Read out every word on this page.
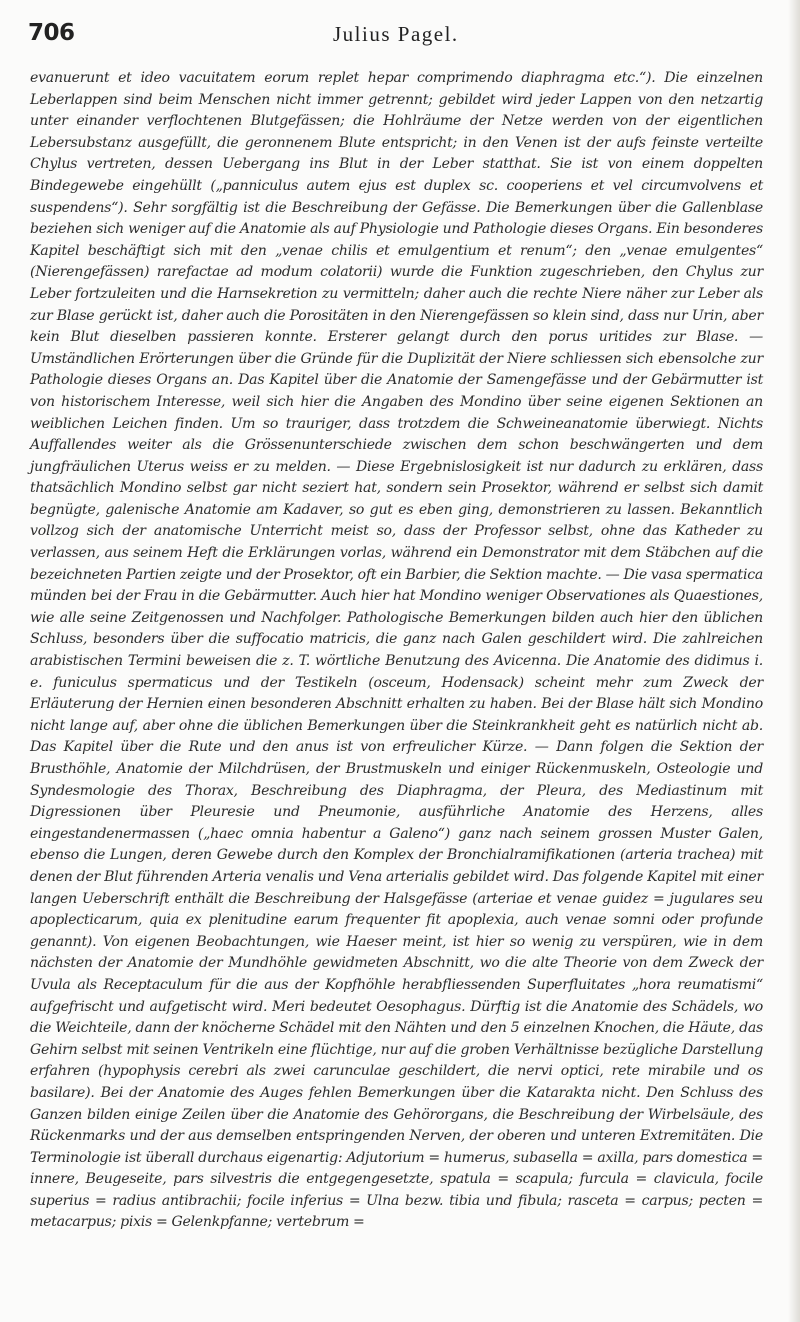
706	Julius Pagel.

evanuerunt et ideo vacuitatem eorum replet hepar comprimendo diaphragma etc.“). Die einzelnen Leberlappen sind beim Menschen nicht immer getrennt; gebildet wird jeder Lappen von den netzartig unter einander verflochtenen Blutgefässen; die Hohlräume der Netze werden von der eigentlichen Lebersubstanz ausgefüllt, die geronnenem Blute entspricht; in den Venen ist der aufs feinste verteilte Chylus vertreten, dessen Uebergang ins Blut in der Leber statthat. Sie ist von einem doppelten Bindegewebe eingehüllt („panniculus autem ejus est duplex sc. cooperiens et vel circumvolvens et suspendens“). Sehr sorgfältig ist die Beschreibung der Gefässe. Die Bemerkungen über die Gallenblase beziehen sich weniger auf die Anatomie als auf Physiologie und Pathologie dieses Organs. Ein besonderes Kapitel beschäftigt sich mit den „venae chilis et emulgentium et renum“; den „venae emulgentes“ (Nierengefässen) rarefactae ad modum colatorii) wurde die Funktion zugeschrieben, den Chylus zur Leber fortzuleiten und die Harnsekretion zu vermitteln; daher auch die rechte Niere näher zur Leber als zur Blase gerückt ist, daher auch die Porositäten in den Nierengefässen so klein sind, dass nur Urin, aber kein Blut dieselben passieren konnte. Ersterer gelangt durch den porus uritides zur Blase. — Umständlichen Erörterungen über die Gründe für die Duplizität der Niere schliessen sich ebensolche zur Pathologie dieses Organs an. Das Kapitel über die Anatomie der Samengefässe und der Gebärmutter ist von historischem Interesse, weil sich hier die Angaben des Mondino über seine eigenen Sektionen an weiblichen Leichen finden. Um so trauriger, dass trotzdem die Schweineanatomie überwiegt. Nichts Auffallendes weiter als die Grössenunterschiede zwischen dem schon beschwängerten und dem jungfräulichen Uterus weiss er zu melden. — Diese Ergebnislosigkeit ist nur dadurch zu erklären, dass thatsächlich Mondino selbst gar nicht seziert hat, sondern sein Prosektor, während er selbst sich damit begnügte, galenische Anatomie am Kadaver, so gut es eben ging, demonstrieren zu lassen. Bekanntlich vollzog sich der anatomische Unterricht meist so, dass der Professor selbst, ohne das Katheder zu verlassen, aus seinem Heft die Erklärungen vorlas, während ein Demonstrator mit dem Stäbchen auf die bezeichneten Partien zeigte und der Prosektor, oft ein Barbier, die Sektion machte. — Die vasa spermatica münden bei der Frau in die Gebärmutter. Auch hier hat Mondino weniger Observationes als Quaestiones, wie alle seine Zeitgenossen und Nachfolger. Pathologische Bemerkungen bilden auch hier den üblichen Schluss, besonders über die suffocatio matricis, die ganz nach Galen geschildert wird. Die zahlreichen arabistischen Termini beweisen die z. T. wörtliche Benutzung des Avicenna. Die Anatomie des didimus i. e. funiculus spermaticus und der Testikeln (osceum, Hodensack) scheint mehr zum Zweck der Erläuterung der Hernien einen besonderen Abschnitt erhalten zu haben. Bei der Blase hält sich Mondino nicht lange auf, aber ohne die üblichen Bemerkungen über die Steinkrankheit geht es natürlich nicht ab. Das Kapitel über die Rute und den anus ist von erfreulicher Kürze. — Dann folgen die Sektion der Brusthöhle, Anatomie der Milchdrüsen, der Brustmuskeln und einiger Rückenmuskeln, Osteologie und Syndesmologie des Thorax, Beschreibung des Diaphragma, der Pleura, des Mediastinum mit Digressionen über Pleuresie und Pneumonie, ausführliche Anatomie des Herzens, alles eingestandenermassen („haec omnia habentur a Galeno“) ganz nach seinem grossen Muster Galen, ebenso die Lungen, deren Gewebe durch den Komplex der Bronchialramifikationen (arteria trachea) mit denen der Blut führenden Arteria venalis und Vena arterialis gebildet wird. Das folgende Kapitel mit einer langen Ueberschrift enthält die Beschreibung der Halsgefässe (arteriae et venae guidez = jugulares seu apoplecticarum, quia ex plenitudine earum frequenter fit apoplexia, auch venae somni oder profunde genannt). Von eigenen Beobachtungen, wie Haeser meint, ist hier so wenig zu verspüren, wie in dem nächsten der Anatomie der Mundhöhle gewidmeten Abschnitt, wo die alte Theorie von dem Zweck der Uvula als Receptaculum für die aus der Kopfhöhle herabfliessenden Superfluitates „hora reumatismi“ aufgefrischt und aufgetischt wird. Meri bedeutet Oesophagus. Dürftig ist die Anatomie des Schädels, wo die Weichteile, dann der knöcherne Schädel mit den Nähten und den 5 einzelnen Knochen, die Häute, das Gehirn selbst mit seinen Ventrikeln eine flüchtige, nur auf die groben Verhältnisse bezügliche Darstellung erfahren (hypophysis cerebri als zwei carunculae geschildert, die nervi optici, rete mirabile und os basilare). Bei der Anatomie des Auges fehlen Bemerkungen über die Katarakta nicht. Den Schluss des Ganzen bilden einige Zeilen über die Anatomie des Gehörorgans, die Beschreibung der Wirbelsäule, des Rückenmarks und der aus demselben entspringenden Nerven, der oberen und unteren Extremitäten. Die Terminologie ist überall durchaus eigenartig: Adjutorium = humerus, subasella = axilla, pars domestica = innere, Beugeseite, pars silvestris die entgegengesetzte, spatula = scapula; furcula = clavicula, focile superius = radius antibrachii; focile inferius = Ulna bezw. tibia und fibula; rasceta = carpus; pecten = metacarpus; pixis = Gelenkpfanne; vertebrum =
